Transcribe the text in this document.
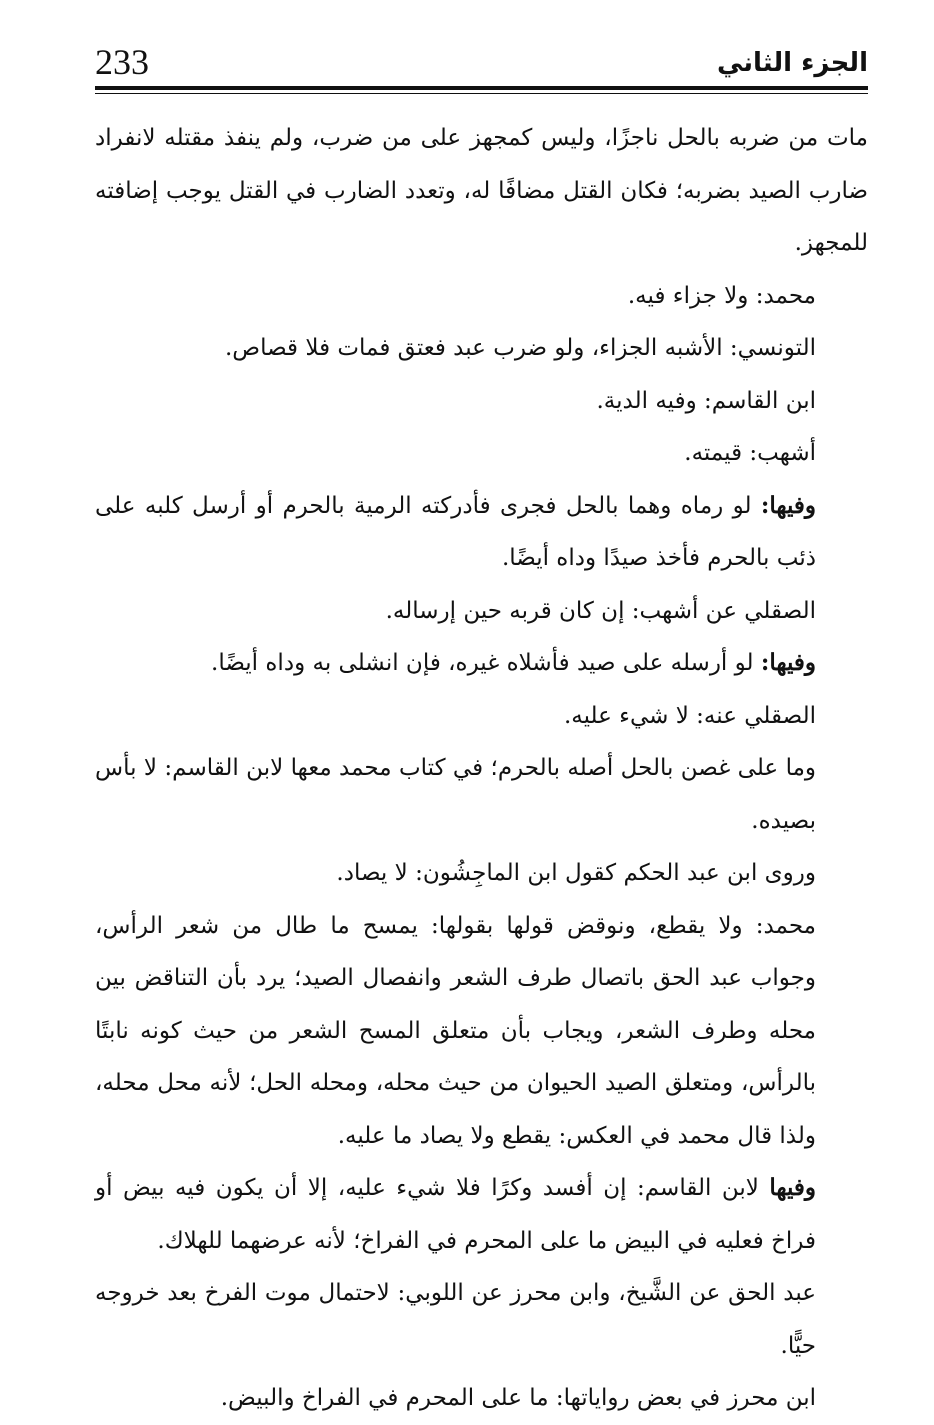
233	الجزء الثاني

مات من ضربه بالحل ناجزًا، وليس كمجهز على من ضرب، ولم ينفذ مقتله لانفراد ضارب الصيد بضربه؛ فكان القتل مضافًا له، وتعدد الضارب في القتل يوجب إضافته للمجهز.

محمد: ولا جزاء فيه.

التونسي: الأشبه الجزاء، ولو ضرب عبد فعتق فمات فلا قصاص.

ابن القاسم: وفيه الدية.

أشهب: قيمته.

وفيها: لو رماه وهما بالحل فجرى فأدركته الرمية بالحرم أو أرسل كلبه على ذئب بالحرم فأخذ صيدًا وداه أيضًا.

الصقلي عن أشهب: إن كان قربه حين إرساله.

وفيها: لو أرسله على صيد فأشلاه غيره، فإن انشلى به وداه أيضًا.

الصقلي عنه: لا شيء عليه.

وما على غصن بالحل أصله بالحرم؛ في كتاب محمد معها لابن القاسم: لا بأس بصيده.

وروى ابن عبد الحكم كقول ابن الماجِشُون: لا يصاد.

محمد: ولا يقطع، ونوقض قولها بقولها: يمسح ما طال من شعر الرأس، وجواب عبد الحق باتصال طرف الشعر وانفصال الصيد؛ يرد بأن التناقض بين محله وطرف الشعر، ويجاب بأن متعلق المسح الشعر من حيث كونه نابتًا بالرأس، ومتعلق الصيد الحيوان من حيث محله، ومحله الحل؛ لأنه محل محله، ولذا قال محمد في العكس: يقطع ولا يصاد ما عليه.

وفيها لابن القاسم: إن أفسد وكرًا فلا شيء عليه، إلا أن يكون فيه بيض أو فراخ فعليه في البيض ما على المحرم في الفراخ؛ لأنه عرضهما للهلاك.

عبد الحق عن الشَّيخ، وابن محرز عن اللوبي: لاحتمال موت الفرخ بعد خروجه حيًّا.

ابن محرز في بعض رواياتها: ما على المحرم في الفراخ والبيض.
